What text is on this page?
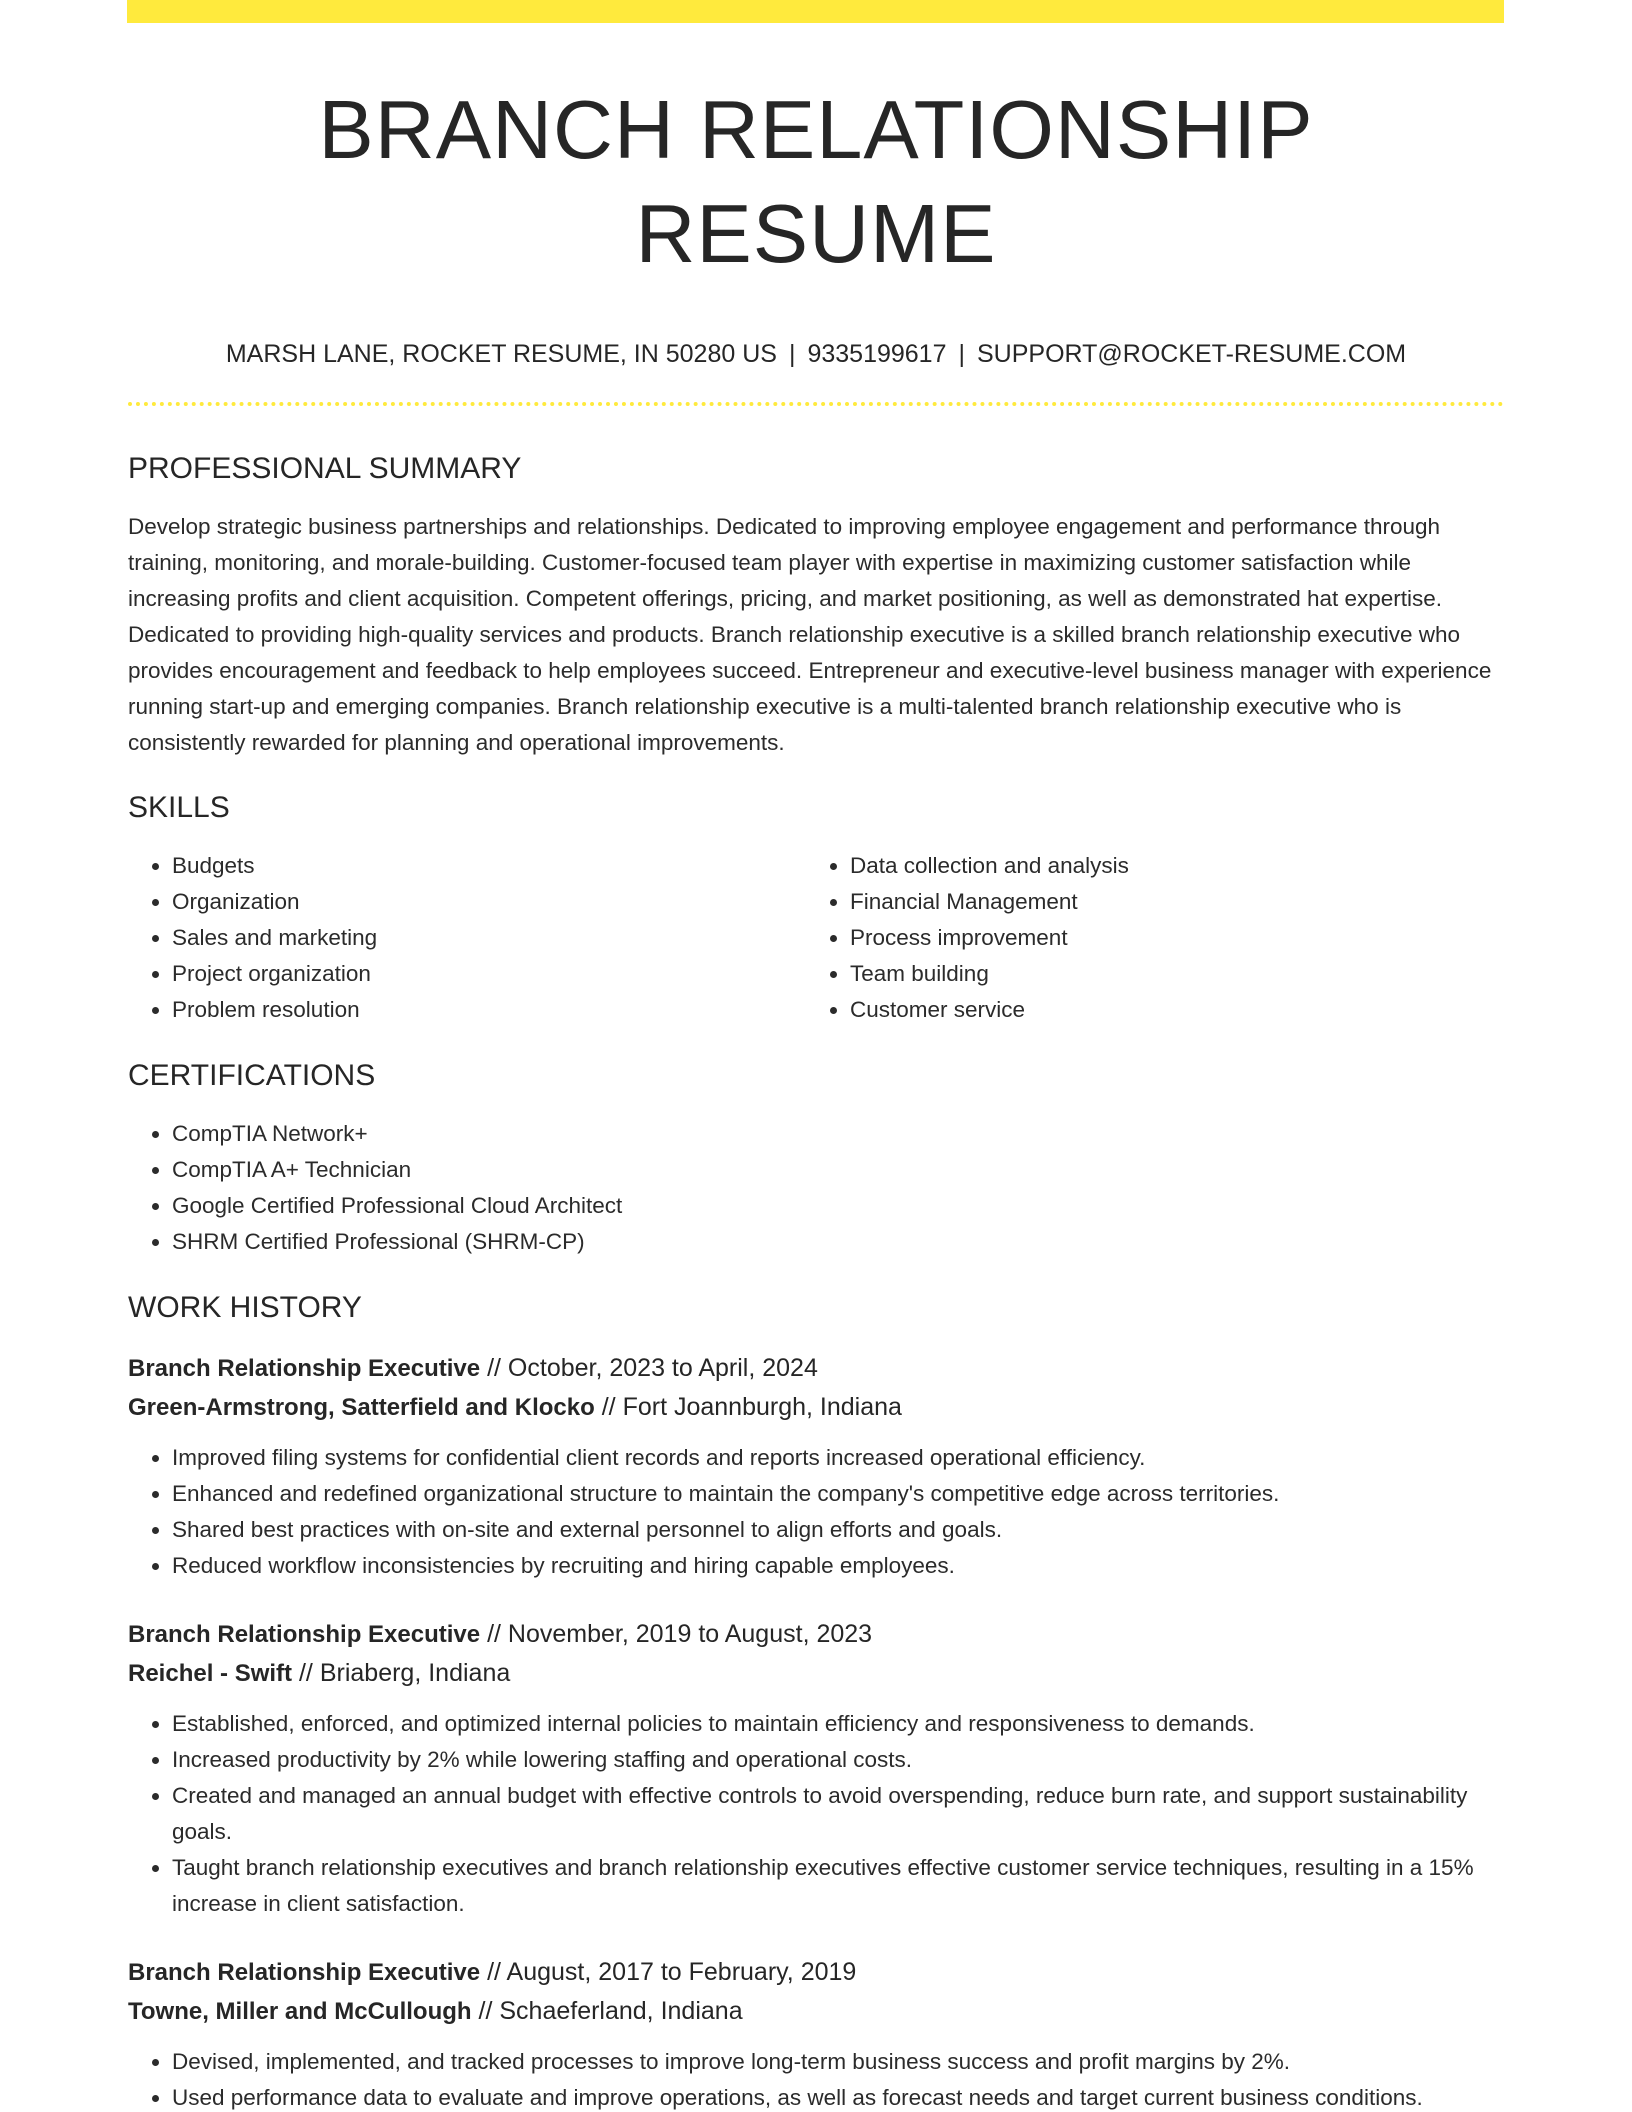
BRANCH RELATIONSHIP RESUME
MARSH LANE, ROCKET RESUME, IN 50280 US | 9335199617 | SUPPORT@ROCKET-RESUME.COM
PROFESSIONAL SUMMARY

Develop strategic business partnerships and relationships. Dedicated to improving employee engagement and performance through training, monitoring, and morale-building. Customer-focused team player with expertise in maximizing customer satisfaction while increasing profits and client acquisition. Competent offerings, pricing, and market positioning, as well as demonstrated hat expertise. Dedicated to providing high-quality services and products. Branch relationship executive is a skilled branch relationship executive who provides encouragement and feedback to help employees succeed. Entrepreneur and executive-level business manager with experience running start-up and emerging companies. Branch relationship executive is a multi-talented branch relationship executive who is consistently rewarded for planning and operational improvements.

SKILLS
• Budgets
• Organization
• Sales and marketing
• Project organization
• Problem resolution
• Data collection and analysis
• Financial Management
• Process improvement
• Team building
• Customer service
CERTIFICATIONS
• CompTIA Network+
• CompTIA A+ Technician
• Google Certified Professional Cloud Architect
• SHRM Certified Professional (SHRM-CP)
WORK HISTORY
Branch Relationship Executive // October, 2023 to April, 2024
Green-Armstrong, Satterfield and Klocko // Fort Joannburgh, Indiana
• Improved filing systems for confidential client records and reports increased operational efficiency.
• Enhanced and redefined organizational structure to maintain the company's competitive edge across territories.
• Shared best practices with on-site and external personnel to align efforts and goals.
• Reduced workflow inconsistencies by recruiting and hiring capable employees.
Branch Relationship Executive // November, 2019 to August, 2023
Reichel - Swift // Briaberg, Indiana
• Established, enforced, and optimized internal policies to maintain efficiency and responsiveness to demands.
• Increased productivity by 2% while lowering staffing and operational costs.
• Created and managed an annual budget with effective controls to avoid overspending, reduce burn rate, and support sustainability goals.
• Taught branch relationship executives and branch relationship executives effective customer service techniques, resulting in a 15% increase in client satisfaction.
Branch Relationship Executive // August, 2017 to February, 2019
Towne, Miller and McCullough // Schaeferland, Indiana
• Devised, implemented, and tracked processes to improve long-term business success and profit margins by 2%.
• Used performance data to evaluate and improve operations, as well as forecast needs and target current business conditions.
